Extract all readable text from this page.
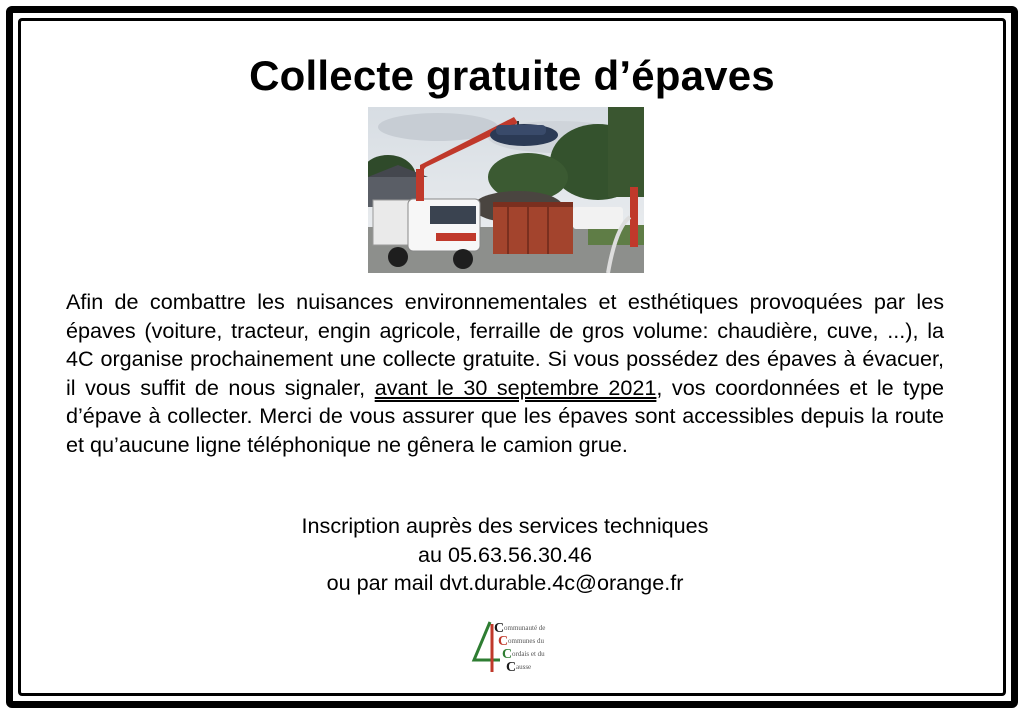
Collecte gratuite d’épaves
Afin de combattre les nuisances environnementales et esthétiques provoquées par les épaves (voiture, tracteur, engin agricole, ferraille de gros volume: chaudière, cuve, ...), la 4C organise prochainement une collecte gratuite. Si vous possédez des épaves à évacuer, il vous suffit de nous signaler, avant le 30 septembre 2021, vos coordonnées et le type d’épave à collecter. Merci de vous assurer que les épaves sont accessibles depuis la route et qu’aucune ligne téléphonique ne gênera le camion grue.
Inscription auprès des services techniques
au 05.63.56.30.46
ou par mail dvt.durable.4c@orange.fr
C
C
C
C
ommunauté de
ommunes du
ordais et du
ausse
